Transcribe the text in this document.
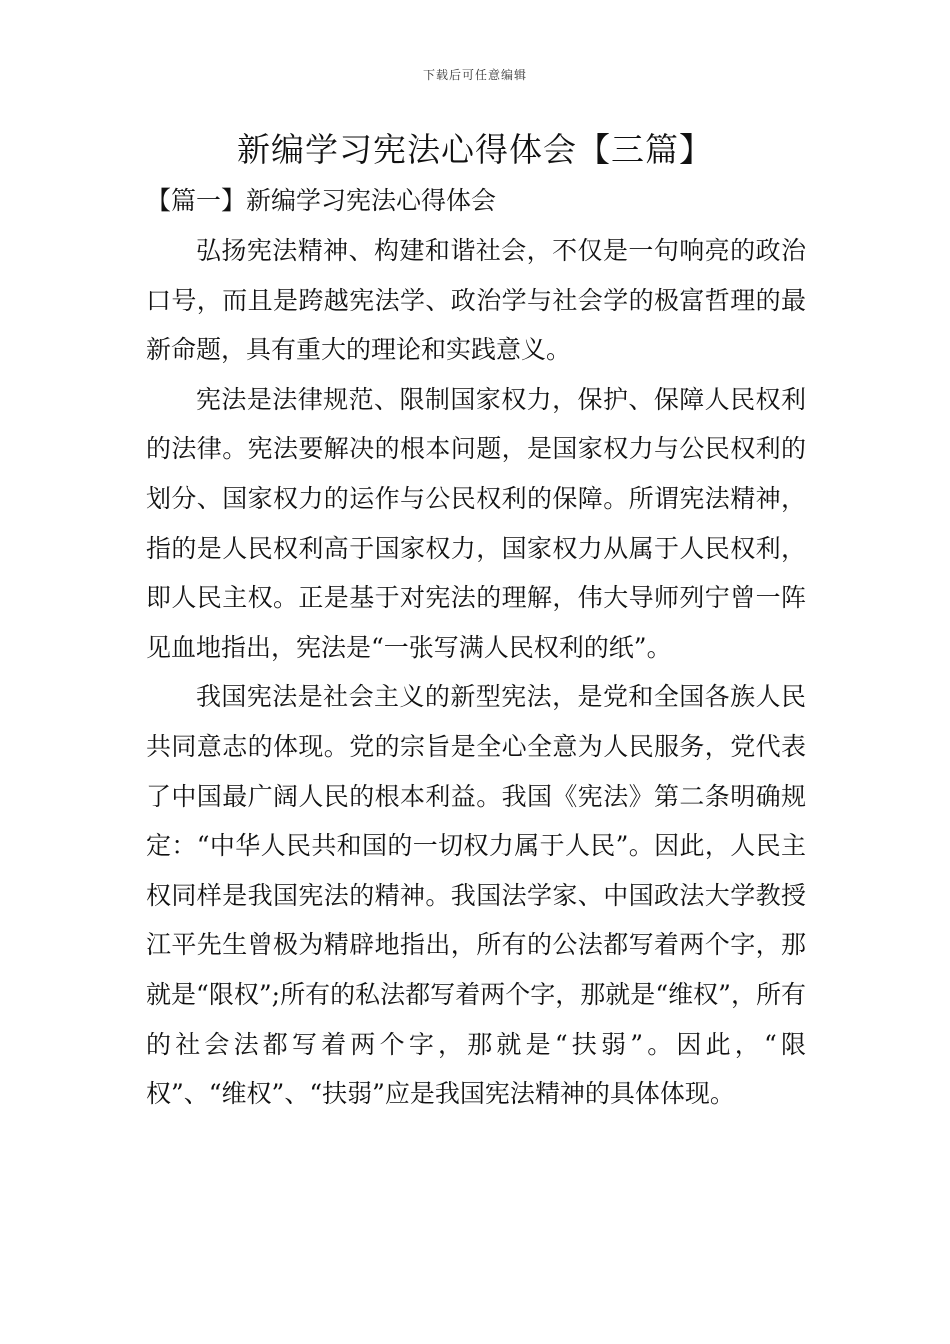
下载后可任意编辑
新编学习宪法心得体会【三篇】
【篇一】新编学习宪法心得体会

弘扬宪法精神、构建和谐社会，不仅是一句响亮的政治口号，而且是跨越宪法学、政治学与社会学的极富哲理的最新命题，具有重大的理论和实践意义。

宪法是法律规范、限制国家权力，保护、保障人民权利的法律。宪法要解决的根本问题，是国家权力与公民权利的划分、国家权力的运作与公民权利的保障。所谓宪法精神，指的是人民权利高于国家权力，国家权力从属于人民权利，即人民主权。正是基于对宪法的理解，伟大导师列宁曾一阵见血地指出，宪法是“一张写满人民权利的纸”。

我国宪法是社会主义的新型宪法，是党和全国各族人民共同意志的体现。党的宗旨是全心全意为人民服务，党代表了中国最广阔人民的根本利益。我国《宪法》第二条明确规定：“中华人民共和国的一切权力属于人民”。因此，人民主权同样是我国宪法的精神。我国法学家、中国政法大学教授江平先生曾极为精辟地指出，所有的公法都写着两个字，那就是“限权”;所有的私法都写着两个字，那就是“维权”，所有的社会法都写着两个字，那就是“扶弱”。因此，“限权”、“维权”、“扶弱”应是我国宪法精神的具体体现。
